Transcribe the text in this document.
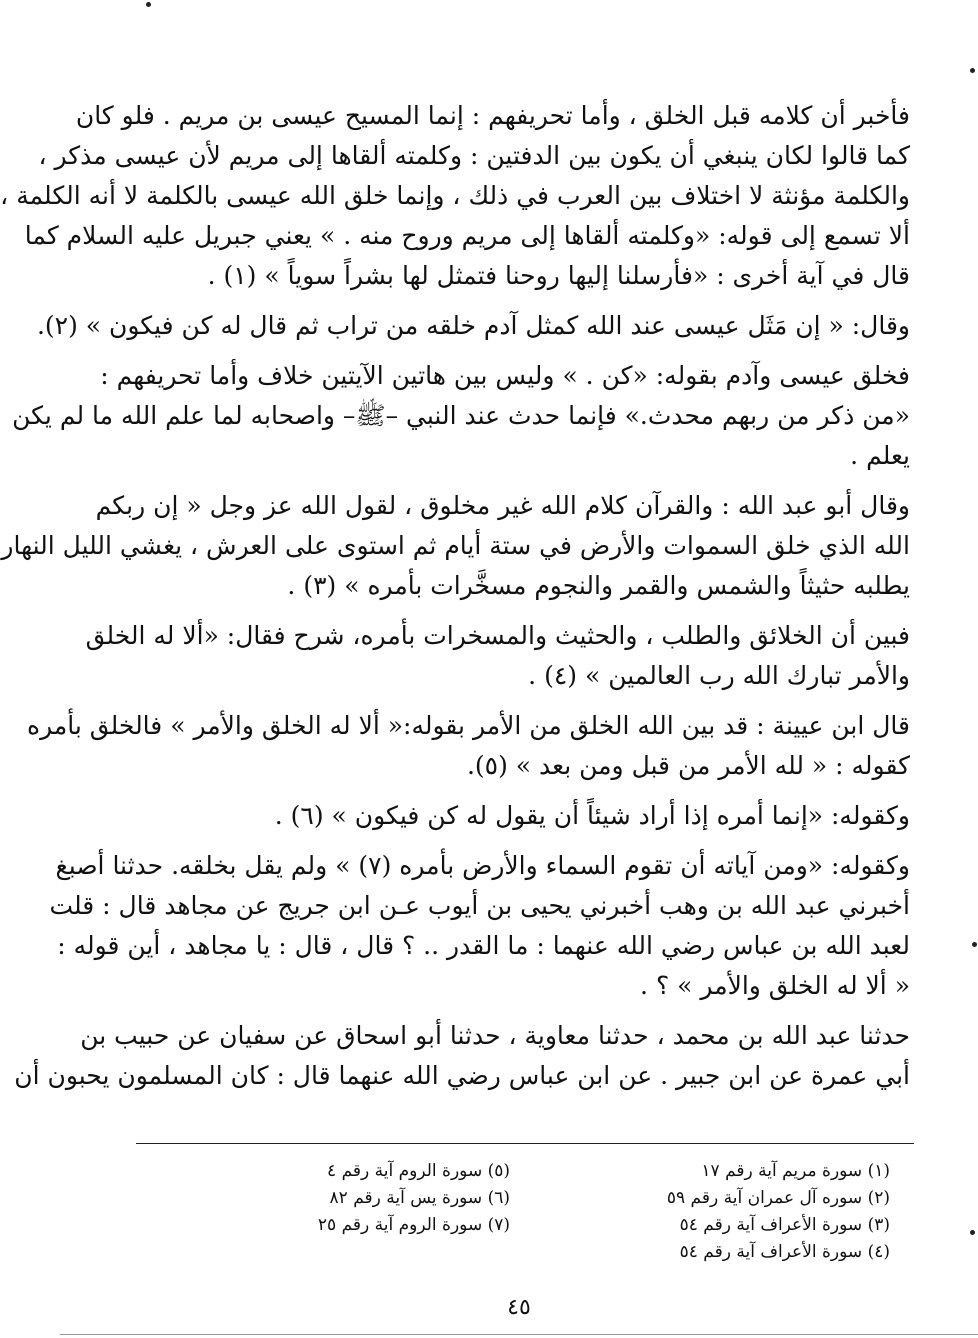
فأخبر أن كلامه قبل الخلق ، وأما تحريفهم : إنما المسيح عيسى بن مريم . فلو كان
كما قالوا لكان ينبغي أن يكون بين الدفتين : وكلمته ألقاها إلى مريم لأن عيسى مذكر ،
والكلمة مؤنثة لا اختلاف بين العرب في ذلك ، وإنما خلق الله عيسى بالكلمة لا أنه الكلمة ،
ألا تسمع إلى قوله: «وكلمته ألقاها إلى مريم وروح منه . » يعني جبريل عليه السلام كما
قال في آية أخرى : «فأرسلنا إليها روحنا فتمثل لها بشراً سوياً » (١) .

وقال: « إن مَثَل عيسى عند الله كمثل آدم خلقه من تراب ثم قال له كن فيكون » (٢).

فخلق عيسى وآدم بقوله: «كن . » وليس بين هاتين الآيتين خلاف وأما تحريفهم :
«من ذكر من ربهم محدث.» فإنما حدث عند النبي –ﷺ– واصحابه لما علم الله ما لم يكن
يعلم .

وقال أبو عبد الله : والقرآن كلام الله غير مخلوق ، لقول الله عز وجل « إن ربكم
الله الذي خلق السموات والأرض في ستة أيام ثم استوى على العرش ، يغشي الليل النهار
يطلبه حثيثاً والشمس والقمر والنجوم مسخَّرات بأمره » (٣) .

فبين أن الخلائق والطلب ، والحثيث والمسخرات بأمره، شرح فقال: «ألا له الخلق
والأمر تبارك الله رب العالمين » (٤) .

قال ابن عيينة : قد بين الله الخلق من الأمر بقوله:« ألا له الخلق والأمر » فالخلق بأمره
كقوله : « لله الأمر من قبل ومن بعد » (٥).

وكقوله: «إنما أمره إذا أراد شيئاً أن يقول له كن فيكون » (٦) .

وكقوله: «ومن آياته أن تقوم السماء والأرض بأمره (٧) » ولم يقل بخلقه. حدثنا أصبغ
أخبرني عبد الله بن وهب أخبرني يحيى بن أيوب عـن ابن جريج عن مجاهد قال : قلت
لعبد الله بن عباس رضي الله عنهما : ما القدر .. ؟ قال ، قال : يا مجاهد ، أين قوله :
« ألا له الخلق والأمر » ؟ .

حدثنا عبد الله بن محمد ، حدثنا معاوية ، حدثنا أبو اسحاق عن سفيان عن حبيب بن
أبي عمرة عن ابن جبير . عن ابن عباس رضي الله عنهما قال : كان المسلمون يحبون أن

(١) سورة مريم آية رقم ١٧
(٢) سوره آل عمران آية رقم ٥٩
(٣) سورة الأعراف آية رقم ٥٤
(٤) سورة الأعراف آية رقم ٥٤
(٥) سورة الروم آية رقم ٤
(٦) سورة يس آية رقم ٨٢
(٧) سورة الروم آية رقم ٢٥
٤٥
